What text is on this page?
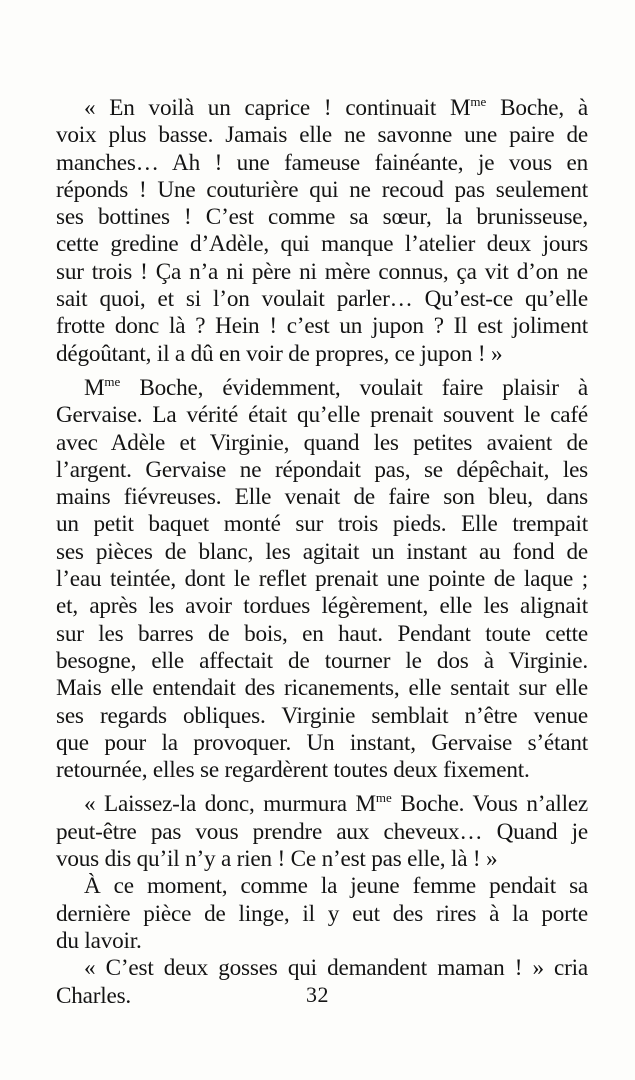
« En voilà un caprice ! continuait $M^{me}$ Boche, à
voix plus basse. Jamais elle ne savonne une paire de
manches… Ah ! une fameuse fainéante, je vous en
réponds ! Une couturière qui ne recoud pas seulement
ses bottines ! C’est comme sa sœur, la brunisseuse,
cette gredine d’Adèle, qui manque l’atelier deux jours
sur trois ! Ça n’a ni père ni mère connus, ça vit d’on ne
sait quoi, et si l’on voulait parler… Qu’est-ce qu’elle
frotte donc là ? Hein ! c’est un jupon ? Il est joliment
dégoûtant, il a dû en voir de propres, ce jupon ! »
$M^{me}$ Boche, évidemment, voulait faire plaisir à
Gervaise. La vérité était qu’elle prenait souvent le café
avec Adèle et Virginie, quand les petites avaient de
l’argent. Gervaise ne répondait pas, se dépêchait, les
mains fiévreuses. Elle venait de faire son bleu, dans
un petit baquet monté sur trois pieds. Elle trempait
ses pièces de blanc, les agitait un instant au fond de
l’eau teintée, dont le reflet prenait une pointe de laque ;
et, après les avoir tordues légèrement, elle les alignait
sur les barres de bois, en haut. Pendant toute cette
besogne, elle affectait de tourner le dos à Virginie.
Mais elle entendait des ricanements, elle sentait sur elle
ses regards obliques. Virginie semblait n’être venue
que pour la provoquer. Un instant, Gervaise s’étant
retournée, elles se regardèrent toutes deux fixement.
« Laissez-la donc, murmura $M^{me}$ Boche. Vous n’allez
peut-être pas vous prendre aux cheveux… Quand je
vous dis qu’il n’y a rien ! Ce n’est pas elle, là ! »
À ce moment, comme la jeune femme pendait sa
dernière pièce de linge, il y eut des rires à la porte
du lavoir.
« C’est deux gosses qui demandent maman ! » cria
Charles.	32
